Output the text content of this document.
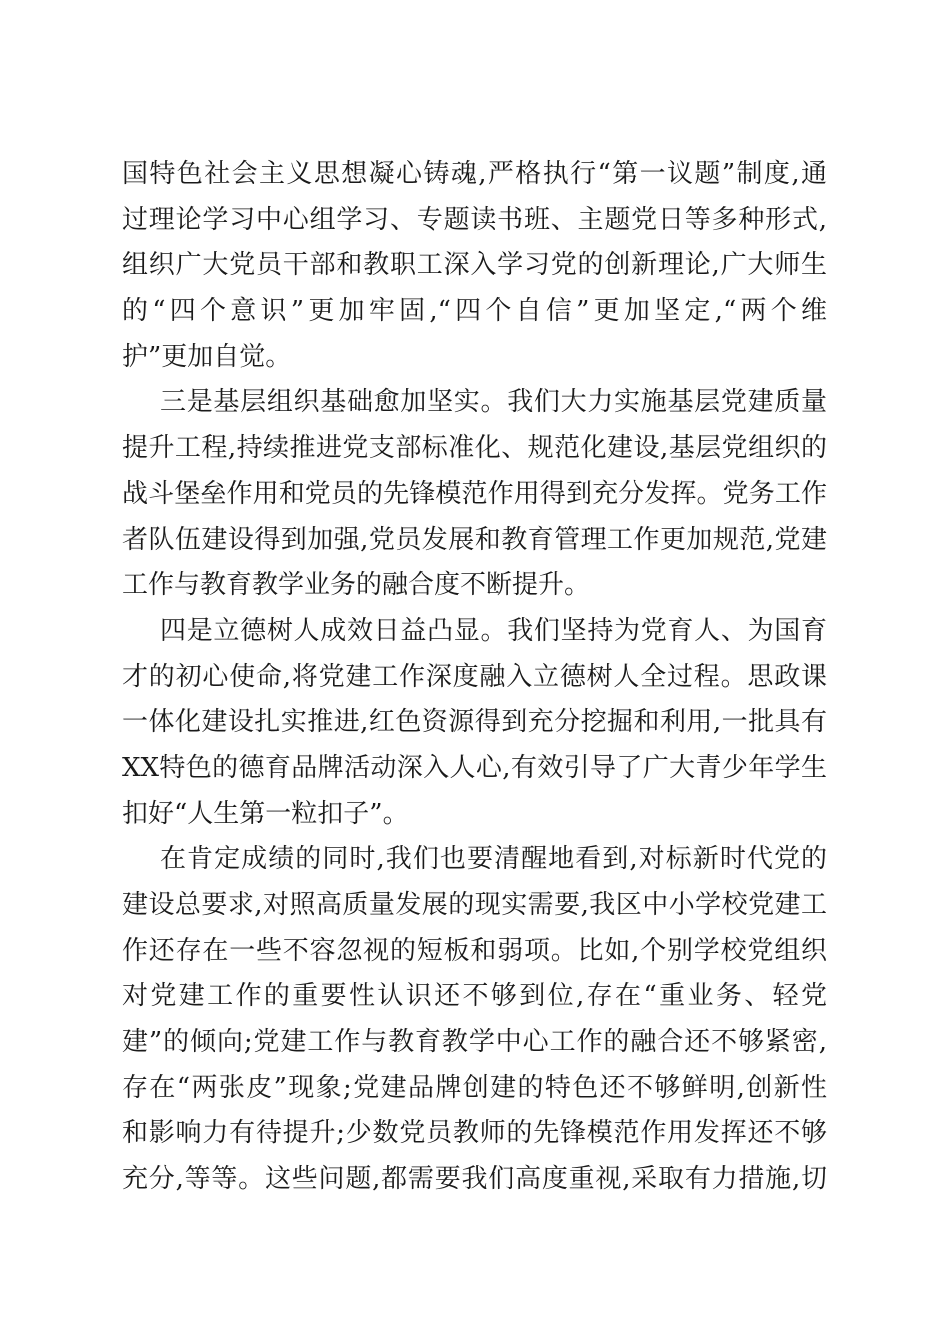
国特色社会主义思想凝心铸魂,严格执行“第一议题”制度,通
过理论学习中心组学习、专题读书班、主题党日等多种形式,
组织广大党员干部和教职工深入学习党的创新理论,广大师生
的“四个意识”更加牢固,“四个自信”更加坚定,“两个维
护”更加自觉。
三是基层组织基础愈加坚实。我们大力实施基层党建质量
提升工程,持续推进党支部标准化、规范化建设,基层党组织的
战斗堡垒作用和党员的先锋模范作用得到充分发挥。党务工作
者队伍建设得到加强,党员发展和教育管理工作更加规范,党建
工作与教育教学业务的融合度不断提升。
四是立德树人成效日益凸显。我们坚持为党育人、为国育
才的初心使命,将党建工作深度融入立德树人全过程。思政课
一体化建设扎实推进,红色资源得到充分挖掘和利用,一批具有
XX特色的德育品牌活动深入人心,有效引导了广大青少年学生
扣好“人生第一粒扣子”。
在肯定成绩的同时,我们也要清醒地看到,对标新时代党的
建设总要求,对照高质量发展的现实需要,我区中小学校党建工
作还存在一些不容忽视的短板和弱项。比如,个别学校党组织
对党建工作的重要性认识还不够到位,存在“重业务、轻党
建”的倾向;党建工作与教育教学中心工作的融合还不够紧密,
存在“两张皮”现象;党建品牌创建的特色还不够鲜明,创新性
和影响力有待提升;少数党员教师的先锋模范作用发挥还不够
充分,等等。这些问题,都需要我们高度重视,采取有力措施,切
